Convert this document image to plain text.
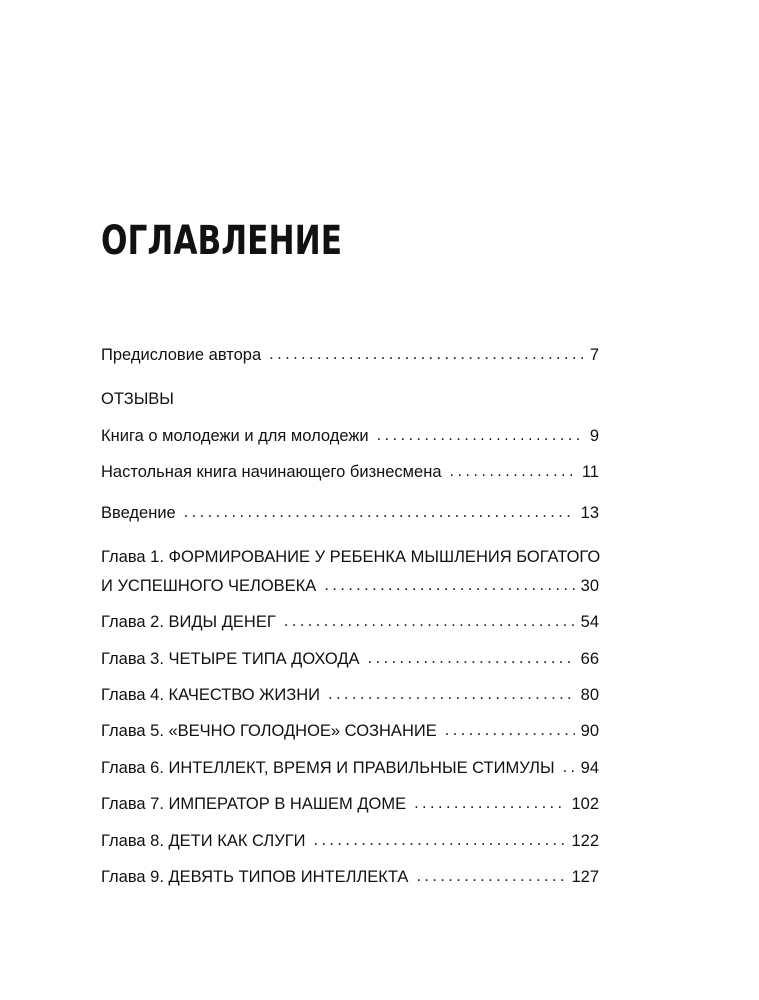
ОГЛАВЛЕНИЕ
Предисловие автора . . .	7
ОТЗЫВЫ
Книга о молодежи и для молодежи . . .	9
Настольная книга начинающего бизнесмена . . .	11
Введение . . .	13
Глава 1. ФОРМИРОВАНИЕ У РЕБЕНКА МЫШЛЕНИЯ БОГАТОГО
И УСПЕШНОГО ЧЕЛОВЕКА . . .	30
Глава 2. ВИДЫ ДЕНЕГ . . .	54
Глава 3. ЧЕТЫРЕ ТИПА ДОХОДА . . .	66
Глава 4. КАЧЕСТВО ЖИЗНИ . . .	80
Глава 5. «ВЕЧНО ГОЛОДНОЕ» СОЗНАНИЕ . . .	90
Глава 6. ИНТЕЛЛЕКТ, ВРЕМЯ И ПРАВИЛЬНЫЕ СТИМУЛЫ . . . 94
Глава 7. ИМПЕРАТОР В НАШЕМ ДОМЕ . . .	102
Глава 8. ДЕТИ КАК СЛУГИ . . .	122
Глава 9. ДЕВЯТЬ ТИПОВ ИНТЕЛЛЕКТА . . .	127
